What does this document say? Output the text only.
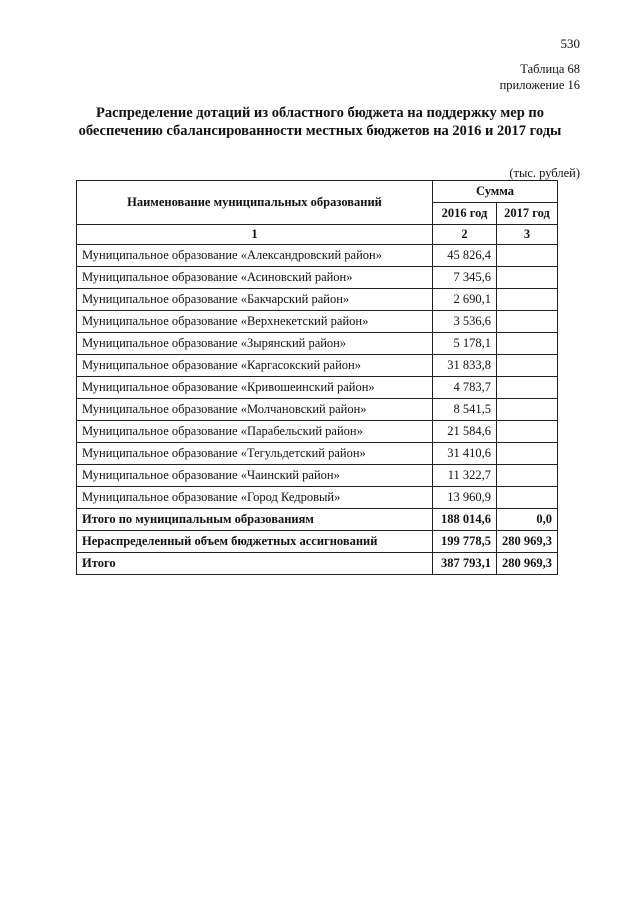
530
Таблица 68
приложение 16
Распределение дотаций из областного бюджета на поддержку мер по
обеспечению сбалансированности местных бюджетов на 2016 и 2017 годы
(тыс. рублей)
Наименование муниципальных образований	Сумма	
	2016 год	2017 год
1	2	3
Муниципальное образование «Александровский район»	45 826,4	
Муниципальное образование «Асиновский район»	7 345,6	
Муниципальное образование «Бакчарский район»	2 690,1	
Муниципальное образование «Верхнекетский район»	3 536,6	
Муниципальное образование «Зырянский район»	5 178,1	
Муниципальное образование «Каргасокский район»	31 833,8	
Муниципальное образование «Кривошеинский район»	4 783,7	
Муниципальное образование «Молчановский район»	8 541,5	
Муниципальное образование «Парабельский район»	21 584,6	
Муниципальное образование «Тегульдетский район»	31 410,6	
Муниципальное образование «Чаинский район»	11 322,7	
Муниципальное образование «Город Кедровый»	13 960,9	
Итого по муниципальным образованиям	188 014,6	0,0
Нераспределенный объем бюджетных ассигнований	199 778,5	280 969,3
Итого	387 793,1	280 969,3
